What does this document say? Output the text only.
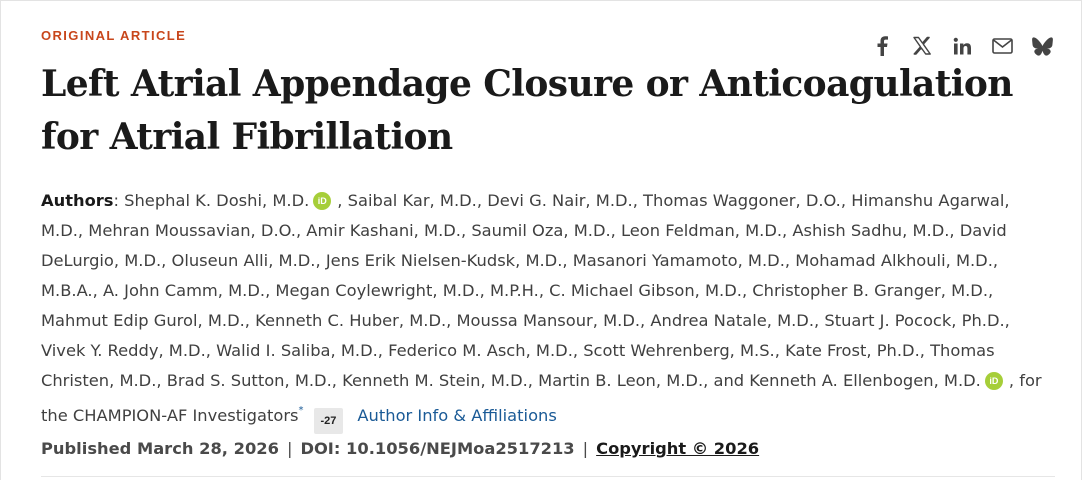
ORIGINAL ARTICLE
Left Atrial Appendage Closure or Anticoagulation for Atrial Fibrillation

Authors: Shephal K. Doshi, M.D. iD , Saibal Kar, M.D., Devi G. Nair, M.D., Thomas Waggoner, D.O., Himanshu Agarwal, M.D., Mehran Moussavian, D.O., Amir Kashani, M.D., Saumil Oza, M.D., Leon Feldman, M.D., Ashish Sadhu, M.D., David DeLurgio, M.D., Oluseun Alli, M.D., Jens Erik Nielsen-Kudsk, M.D., Masanori Yamamoto, M.D., Mohamad Alkhouli, M.D., M.B.A., A. John Camm, M.D., Megan Coylewright, M.D., M.P.H., C. Michael Gibson, M.D., Christopher B. Granger, M.D., Mahmut Edip Gurol, M.D., Kenneth C. Huber, M.D., Moussa Mansour, M.D., Andrea Natale, M.D., Stuart J. Pocock, Ph.D., Vivek Y. Reddy, M.D., Walid I. Saliba, M.D., Federico M. Asch, M.D., Scott Wehrenberg, M.S., Kate Frost, Ph.D., Thomas Christen, M.D., Brad S. Sutton, M.D., Kenneth M. Stein, M.D., Martin B. Leon, M.D., and Kenneth A. Ellenbogen, M.D. iD , for the CHAMPION-AF Investigators*-27 Author Info & Affiliations

Published March 28, 2026 | DOI: 10.1056/NEJMoa2517213 | Copyright © 2026
